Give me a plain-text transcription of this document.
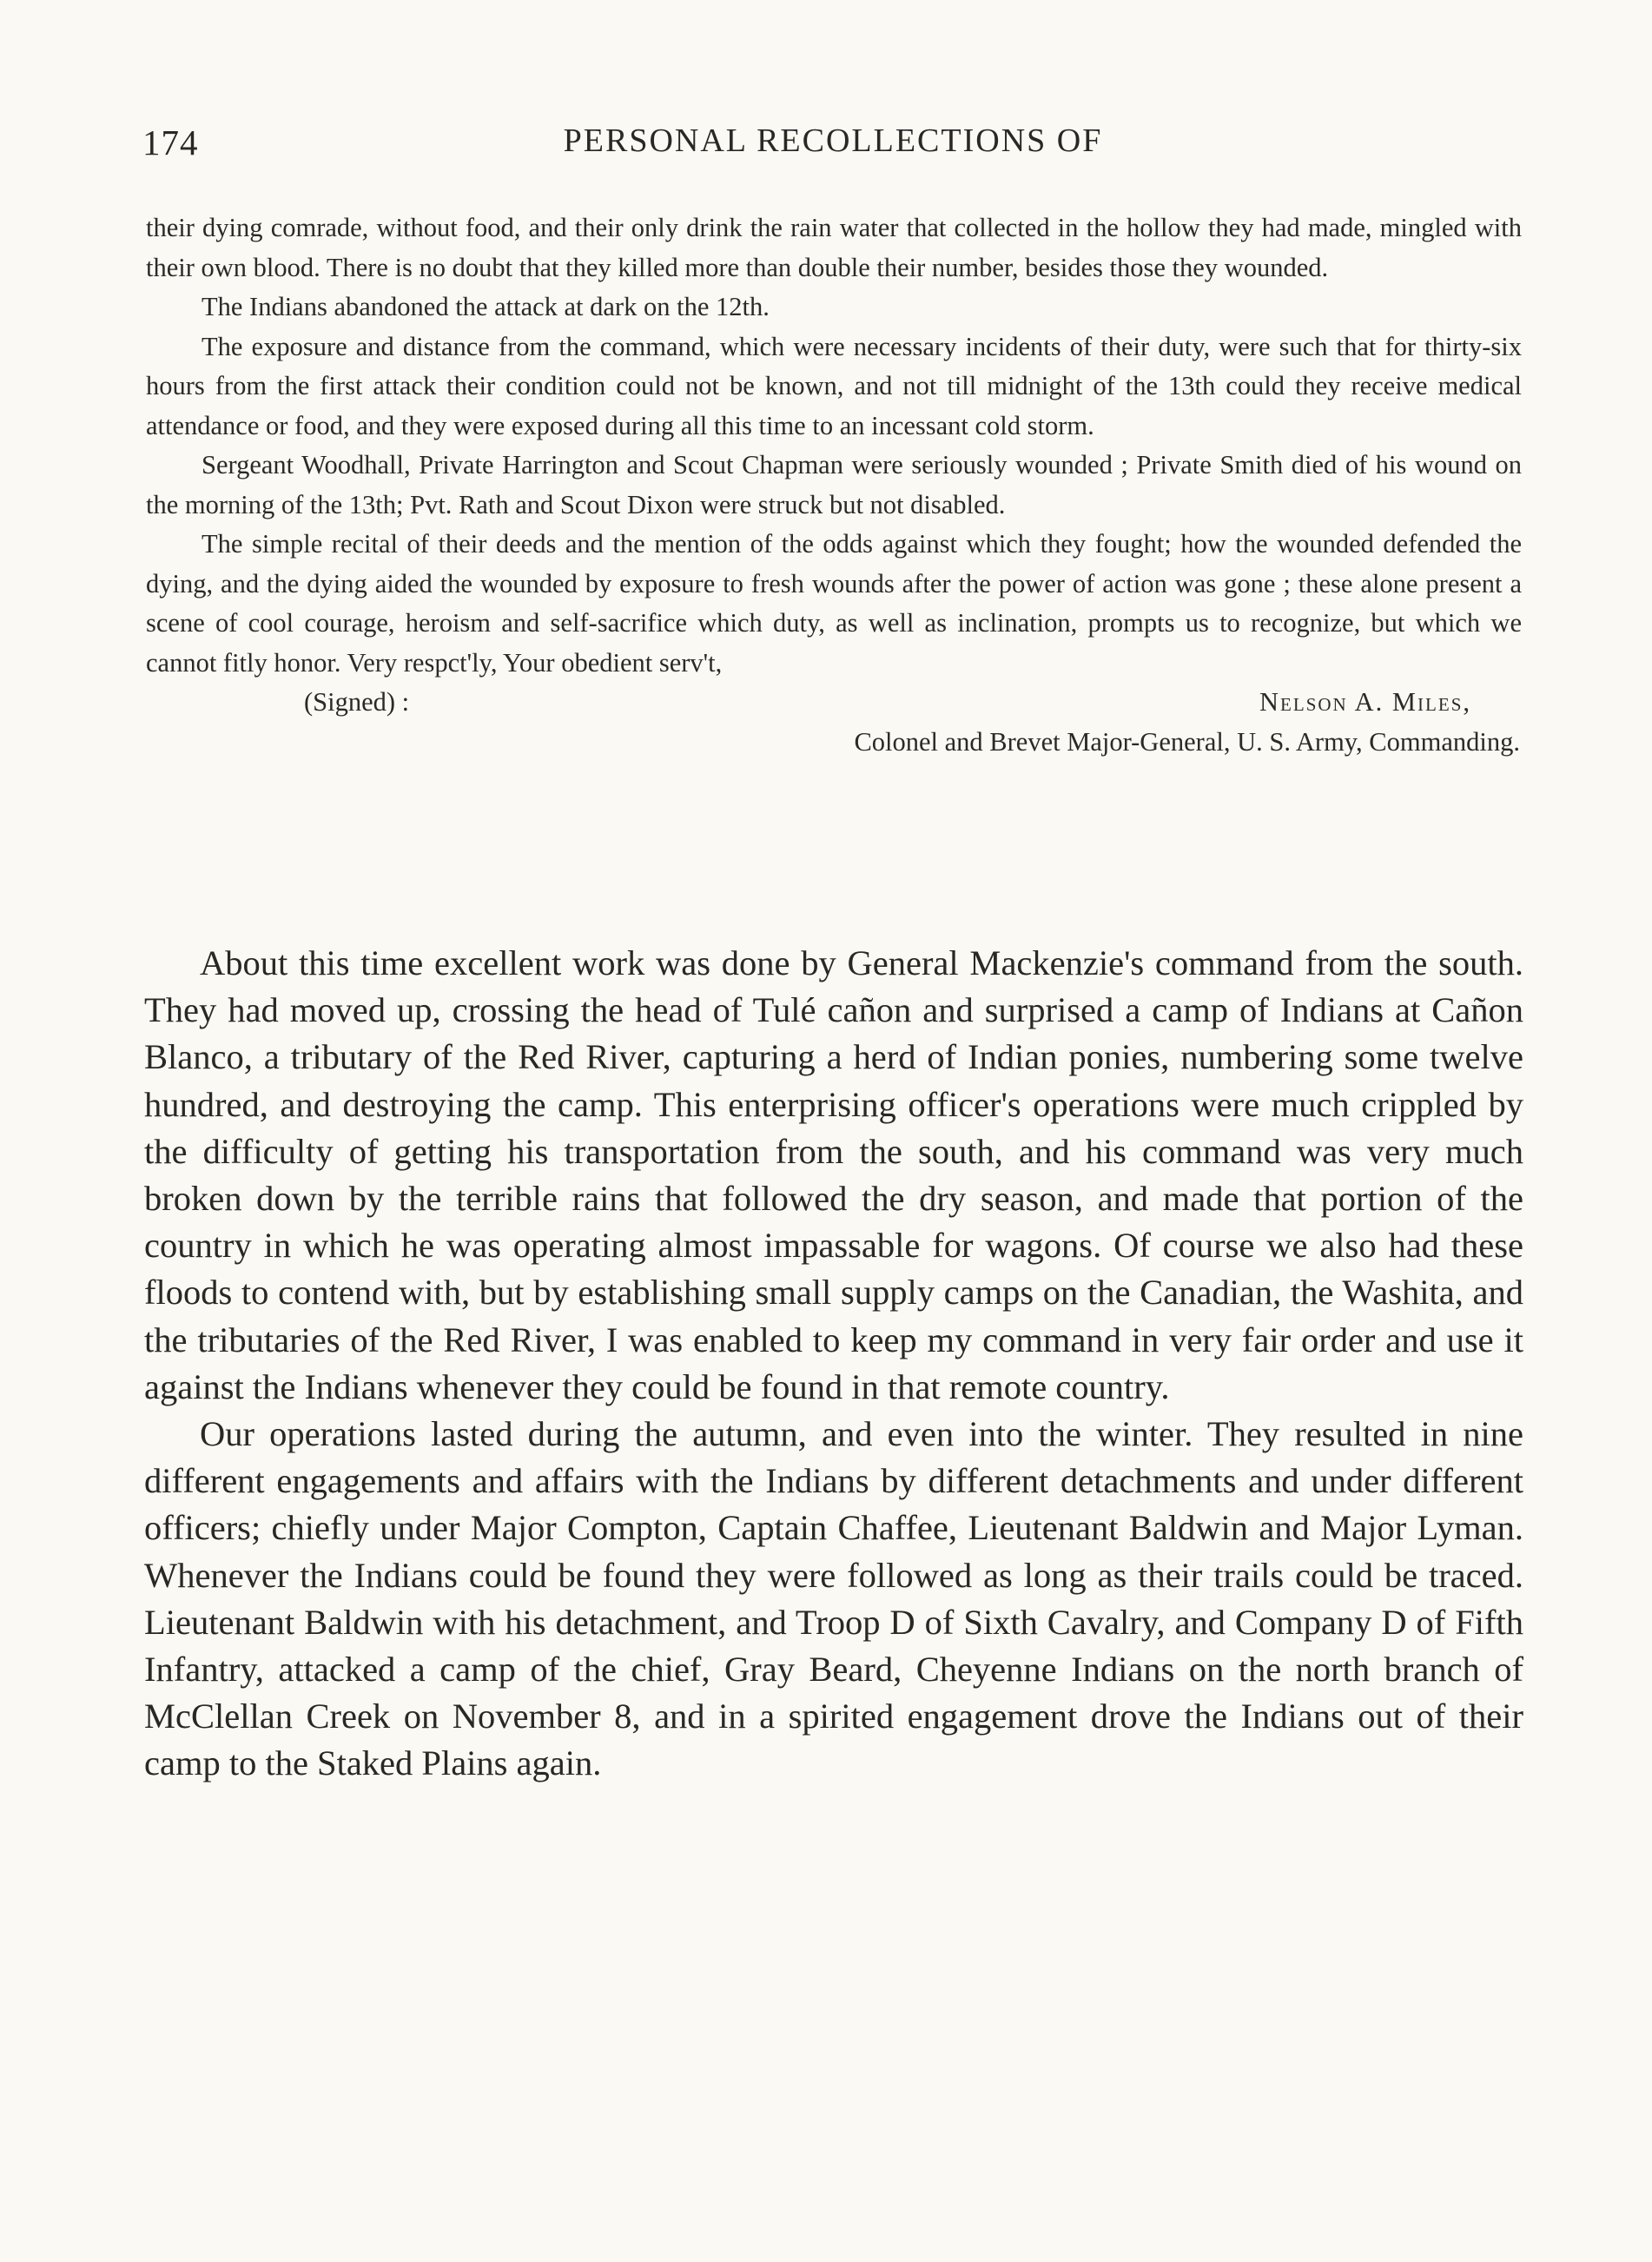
174	PERSONAL RECOLLECTIONS OF

their dying comrade, without food, and their only drink the rain water that collected in the hollow they had made, mingled with their own blood. There is no doubt that they killed more than double their number, besides those they wounded.

The Indians abandoned the attack at dark on the 12th.

The exposure and distance from the command, which were necessary incidents of their duty, were such that for thirty-six hours from the first attack their condition could not be known, and not till midnight of the 13th could they receive medical attendance or food, and they were exposed during all this time to an incessant cold storm.

Sergeant Woodhall, Private Harrington and Scout Chapman were seriously wounded ; Private Smith died of his wound on the morning of the 13th; Pvt. Rath and Scout Dixon were struck but not disabled.

The simple recital of their deeds and the mention of the odds against which they fought; how the wounded defended the dying, and the dying aided the wounded by exposure to fresh wounds after the power of action was gone ; these alone present a scene of cool courage, heroism and self-sacrifice which duty, as well as inclination, prompts us to recognize, but which we cannot fitly honor. Very respct'ly, Your obedient serv't,

(Signed) :	Nelson A. Miles,
Colonel and Brevet Major-General, U. S. Army, Commanding.

About this time excellent work was done by General Mackenzie's command from the south. They had moved up, crossing the head of Tulé cañon and surprised a camp of Indians at Cañon Blanco, a tributary of the Red River, capturing a herd of Indian ponies, numbering some twelve hundred, and destroying the camp. This enterprising officer's operations were much crippled by the difficulty of getting his transportation from the south, and his command was very much broken down by the terrible rains that followed the dry season, and made that portion of the country in which he was operating almost impassable for wagons. Of course we also had these floods to contend with, but by establishing small supply camps on the Canadian, the Washita, and the tributaries of the Red River, I was enabled to keep my command in very fair order and use it against the Indians whenever they could be found in that remote country.

Our operations lasted during the autumn, and even into the winter. They resulted in nine different engagements and affairs with the Indians by different detachments and under different officers; chiefly under Major Compton, Captain Chaffee, Lieutenant Baldwin and Major Lyman. Whenever the Indians could be found they were followed as long as their trails could be traced. Lieutenant Baldwin with his detachment, and Troop D of Sixth Cavalry, and Company D of Fifth Infantry, attacked a camp of the chief, Gray Beard, Cheyenne Indians on the north branch of McClellan Creek on November 8, and in a spirited engagement drove the Indians out of their camp to the Staked Plains again.
